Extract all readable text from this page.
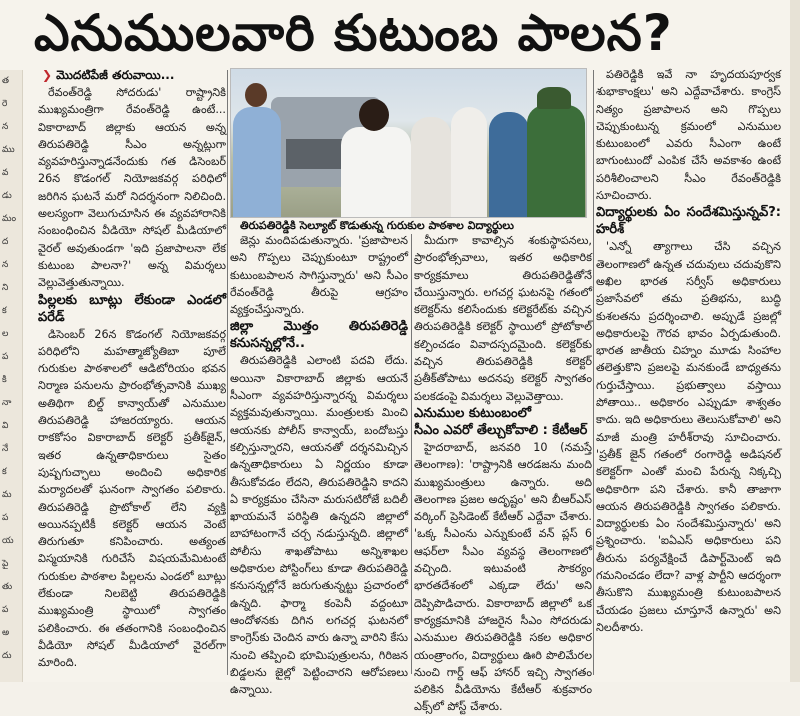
త
రె
న
ము
వ
డు
మం
ద
న
ని
క
ల
ప
కి
నా
వి
నే
క
మ
ప
య
పై
తు
ప
అ
దు
ఎనుములవారి కుటుంబ పాలన?
❯ మొదటిపేజీ తరువాయి...

రేవంత్‌రెడ్డి సోదరుడు' రాష్ట్రానికి ముఖ్యమంత్రిగా రేవంత్‌రెడ్డి ఉంటే... వికారాబాద్ జిల్లాకు ఆయన అన్న తిరుపతిరెడ్డి సీఎం అన్నట్లుగా వ్యవహరిస్తున్నాడనేందుకు గత డిసెంబర్ 26న కొడంగల్ నియోజకవర్గ పరిధిలో జరిగిన ఘటనే మరో నిదర్శనంగా నిలిచింది. అలస్యంగా వెలుగుచూసిన ఈ వ్యవహారానికి సంబంధించిన వీడియో సోషల్ మీడియాలో వైరల్ అవుతుండగా 'ఇది ప్రజాపాలనా లేక కుటుంబ పాలనా?' అన్న విమర్శలు వెల్లువెత్తుతున్నాయి.

పిల్లలకు బూట్లు లేకుండా ఎండలో పరేడ్

డిసెంబర్ 26న కొడంగల్ నియోజకవర్గ పరిధిలోని మహత్మాజ్యోతిబా పూలే గురుకుల పాఠశాలలో ఆడిటోరియం భవన నిర్మాణ పనులను ప్రారంభోత్సవానికి ముఖ్య అతిథిగా బిల్డ్ కాన్వాయ్‌తో ఎనుముల తిరుపతిరెడ్డి హాజరయ్యారు. ఆయన రాకకోసం వికారాబాద్ కలెక్టర్ ప్రతీక్‌జైన్, ఇతర ఉన్నతాధికారులు సైతం పుష్పగుచ్ఛాలు అందించి అధికారిక మర్యాదలతో ఘనంగా స్వాగతం పలికారు. తిరుపతిరెడ్డి ప్రొటోకాల్ లేని వ్యక్తి అయినప్పటికీ కలెక్టర్ ఆయన వెంటే తిరుగుతూ కనిపించారు. అత్యంత విస్మయానికి గురిచేసే విషయమేమిటంటే గురుకుల పాఠశాల పిల్లలను ఎండలో బూట్లు లేకుండా నిలబెట్టి తిరుపతిరెడ్డికి ముఖ్యమంత్రి స్థాయిలో స్వాగతం పలికించారు. ఈ తతంగానికి సంబంధించిన వీడియో సోషల్ మీడియాలో వైరల్‌గా మారింది.

తిరుపతిరెడ్డికి సెల్యూట్ కొడుతున్న గురుకుల పాఠశాల విద్యార్థులు

జెన్లు మందిపడుతున్నారు. 'ప్రజాపాలన అని గొప్పలు చెప్పుకుంటూ రాష్ట్రంలో కుటుంబపాలన సాగిస్తున్నారు' అని సీఎం రేవంత్‌రెడ్డి తీరుపై ఆగ్రహం వ్యక్తంచేస్తున్నారు.

జిల్లా మొత్తం తిరుపతిరెడ్డి కనుసన్నల్లోనే..

తిరుపతిరెడ్డికి ఎలాంటి పదవి లేదు. అయినా వికారాబాద్ జిల్లాకు ఆయనే సీఎంగా వ్యవహరిస్తున్నారన్న విమర్శలు వ్యక్తమవుతున్నాయి. మంత్రులకు మించి ఆయనకు పోలీస్ కాన్వాయ్, బందోబస్తు కల్పిస్తున్నారని, ఆయనతో దర్శనమిచ్చిన ఉన్నతాధికారులు ఏ నిర్ణయం కూడా తీసుకోవడం లేదని, తిరుపతిరెడ్డిని కాదని ఏ కార్యక్రమం చేసినా మరుసటిరోజే బదిలీ ఖాయమనే పరిస్థితి ఉన్నదని జిల్లాలో బాహాటంగానే చర్చ నడుస్తున్నది. జిల్లాలో పోలీసు శాఖతోపాటు అన్నిశాఖల అధికారుల పోస్టింగ్‌లు కూడా తిరుపతిరెడ్డి కనుసన్నల్లోనే జరుగుతున్నట్టు ప్రచారంలో ఉన్నది. ఫార్మా కంపెనీ వద్దంటూ ఆందోళనకు దిగిన లగచర్ల ఘటనలో కాంగ్రెస్‌కు చెందిన వారు ఉన్నా వారిని కేసు నుంచి తప్పించి భూమిపుత్రులను, గిరిజన బిడ్డలను జైల్లో పెట్టించారని ఆరోపణలు ఉన్నాయి.

మీదుగా కావాల్సిన శంకుస్థాపనలు, ప్రారంభోత్సవాలు, ఇతర అధికారిక కార్యక్రమాలు తిరుపతిరెడ్డితోనే చేయిస్తున్నారు. లగచర్ల ఘటనపై గతంలో కలెక్టర్‌ను కలిసేందుకు కలెక్టరేట్‌కు వచ్చిన తిరుపతిరెడ్డికి కలెక్టర్ స్థాయిలో ప్రోటోకాల్ కల్పించడం వివాదస్పదమైంది. కలెక్టర్‌కు వచ్చిన తిరుపతిరెడ్డికి కలెక్టర్ ప్రతీక్‌తోపాటు అదనపు కలెక్టర్ స్వాగతం పలకడంపై విమర్శలు వెల్లువెత్తాయి.

ఎనుముల కుటుంబంలో

సీఎం ఎవరో తేల్చుకోవాలి : కేటీఆర్

హైదరాబాద్, జనవరి 10 (నమస్తే తెలంగాణ): 'రాష్ట్రానికి ఆరడజను మంది ముఖ్యమంత్రులు ఉన్నారు. అది తెలంగాణ ప్రజల అదృష్టం' అని బీఆర్‌ఎస్ వర్కింగ్ ప్రెసిడెంట్ కేటీఆర్ ఎద్దేవా చేశారు. 'ఒక్క సీఎంను ఎన్నుకుంటే వన్ ప్లస్ 6 ఆఫర్‌లా సీఎం వ్యవస్థ తెలంగాణలో వచ్చింది. ఇటువంటి సౌకర్యం భారతదేశంలో ఎక్కడా లేదు' అని దెప్పిపొడిచారు. వికారాబాద్ జిల్లాలో ఒక కార్యక్రమానికి హాజరైన సీఎం సోదరుడు ఎనుముల తిరుపతిరెడ్డికి సకల అధికార యంత్రాంగం, విద్యార్థులు ఊరి పొలిమేరల నుంచి గార్డ్ ఆఫ్ హానర్ ఇచ్చి స్వాగతం పలికిన వీడియోను కేటీఆర్ శుక్రవారం ఎక్స్‌లో పోస్ట్ చేశారు.

పతిరెడ్డికి ఇవే నా హృదయపూర్వక శుభాకాంక్షలు' అని ఎద్దేవాచేశారు. కాంగ్రెస్ నిత్యం ప్రజాపాలన అని గొప్పలు చెప్పుకుంటున్న క్రమంలో ఎనుముల కుటుంబంలో ఎవరు సీఎంగా ఉంటే బాగుంటుందో ఎంపిక చేసే అవకాశం ఉంటే పరిశీలించాలని సీఎం రేవంత్‌రెడ్డికి సూచించారు.

విద్యార్థులకు ఏం సందేశమిస్తున్నవ్?: హరీశ్

'ఎన్నో త్యాగాలు చేసి వచ్చిన తెలంగాణలో ఉన్నత చదువులు చదువుకొని అఖిల భారత సర్వీస్ అధికారులు ప్రజాసేవలో తమ ప్రతిభను, బుద్ధి కుశలతను ప్రదర్శించాలి. అప్పుడే ప్రజల్లో అధికారులపై గౌరవ భావం ఏర్పడుతుంది. భారత జాతీయ చిహ్నం మూడు సింహాల తలెత్తుకొని ప్రజలపై మనకుండే బాధ్యతను గుర్తుచేస్తాయి. ప్రభుత్వాలు వస్తాయి పోతాయి.. అధికారం ఎప్పుడూ శాశ్వతం కాదు. ఇది అధికారులు తెలుసుకోవాలి' అని మాజీ మంత్రి హరీశ్‌రావు సూచించారు. 'ప్రతీక్ జైన్ గతంలో రంగారెడ్డి అడిషనల్ కలెక్టర్‌గా ఎంతో మంచి పేరున్న నిక్కచ్చి అధికారిగా పని చేశారు. కానీ తాజాగా ఆయన తిరుపతిరెడ్డికి స్వాగతం పలికారు. విద్యార్థులకు ఏం సందేశమిస్తున్నారు' అని ప్రశ్నించారు. 'ఐఏఎస్ అధికారులు పని తీరును పర్యవేక్షించే డిపార్ట్‌మెంట్ ఇది గమనించడం లేదా? వాళ్ల పార్టీని ఆదర్శంగా తీసుకొని ముఖ్యమంత్రి కుటుంబపాలన చేయడం ప్రజలు చూస్తూనే ఉన్నారు' అని నిలదీశారు.
